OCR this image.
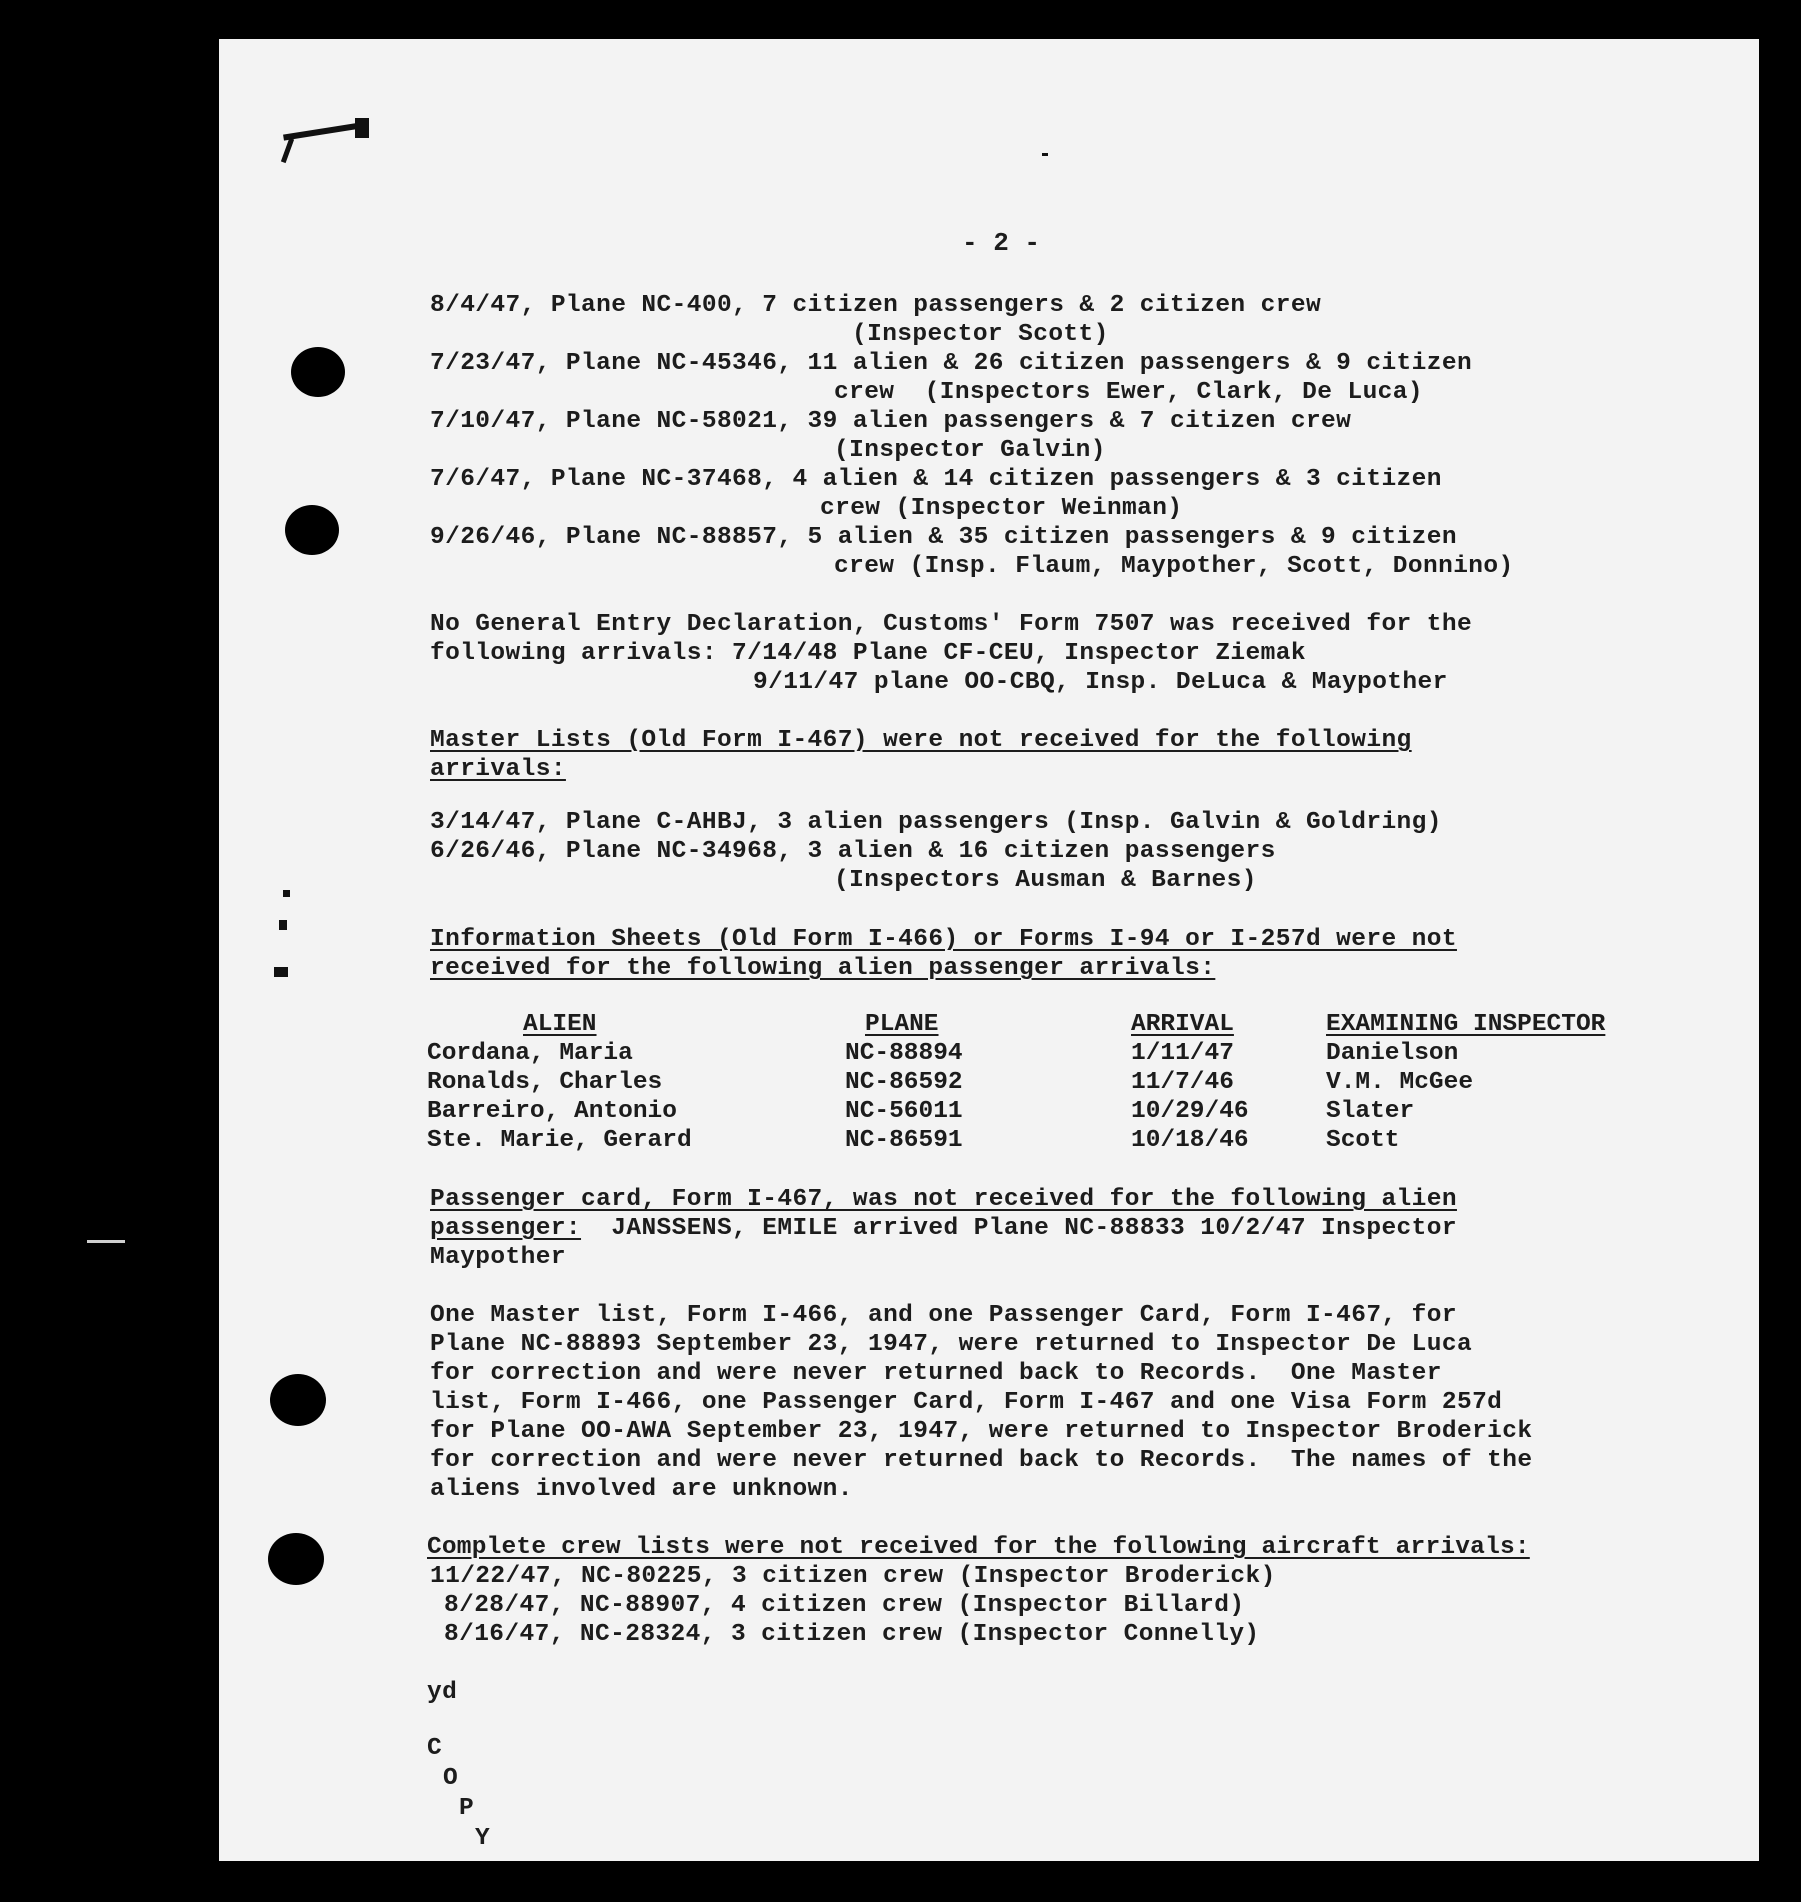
- 2 -
8/4/47, Plane NC-400, 7 citizen passengers & 2 citizen crew
(Inspector Scott)
7/23/47, Plane NC-45346, 11 alien & 26 citizen passengers & 9 citizen
crew  (Inspectors Ewer, Clark, De Luca)
7/10/47, Plane NC-58021, 39 alien passengers & 7 citizen crew
(Inspector Galvin)
7/6/47, Plane NC-37468, 4 alien & 14 citizen passengers & 3 citizen
crew (Inspector Weinman)
9/26/46, Plane NC-88857, 5 alien & 35 citizen passengers & 9 citizen
crew (Insp. Flaum, Maypother, Scott, Donnino)
No General Entry Declaration, Customs' Form 7507 was received for the
following arrivals: 7/14/48 Plane CF-CEU, Inspector Ziemak
9/11/47 plane OO-CBQ, Insp. DeLuca & Maypother
Master Lists (Old Form I-467) were not received for the following
arrivals:
3/14/47, Plane C-AHBJ, 3 alien passengers (Insp. Galvin & Goldring)
6/26/46, Plane NC-34968, 3 alien & 16 citizen passengers
(Inspectors Ausman & Barnes)
Information Sheets (Old Form I-466) or Forms I-94 or I-257d were not
received for the following alien passenger arrivals:
ALIEN	PLANE	ARRIVAL	EXAMINING INSPECTOR
Cordana, Maria	NC-88894	1/11/47	Danielson
Ronalds, Charles	NC-86592	11/7/46	V.M. McGee
Barreiro, Antonio	NC-56011	10/29/46	Slater
Ste. Marie, Gerard	NC-86591	10/18/46	Scott
Passenger card, Form I-467, was not received for the following alien
passenger:  JANSSENS, EMILE arrived Plane NC-88833 10/2/47 Inspector
Maypother
One Master list, Form I-466, and one Passenger Card, Form I-467, for
Plane NC-88893 September 23, 1947, were returned to Inspector De Luca
for correction and were never returned back to Records.  One Master
list, Form I-466, one Passenger Card, Form I-467 and one Visa Form 257d
for Plane OO-AWA September 23, 1947, were returned to Inspector Broderick
for correction and were never returned back to Records.  The names of the
aliens involved are unknown.
Complete crew lists were not received for the following aircraft arrivals:
11/22/47, NC-80225, 3 citizen crew (Inspector Broderick)
8/28/47, NC-88907, 4 citizen crew (Inspector Billard)
8/16/47, NC-28324, 3 citizen crew (Inspector Connelly)
yd
C
O
P
Y
